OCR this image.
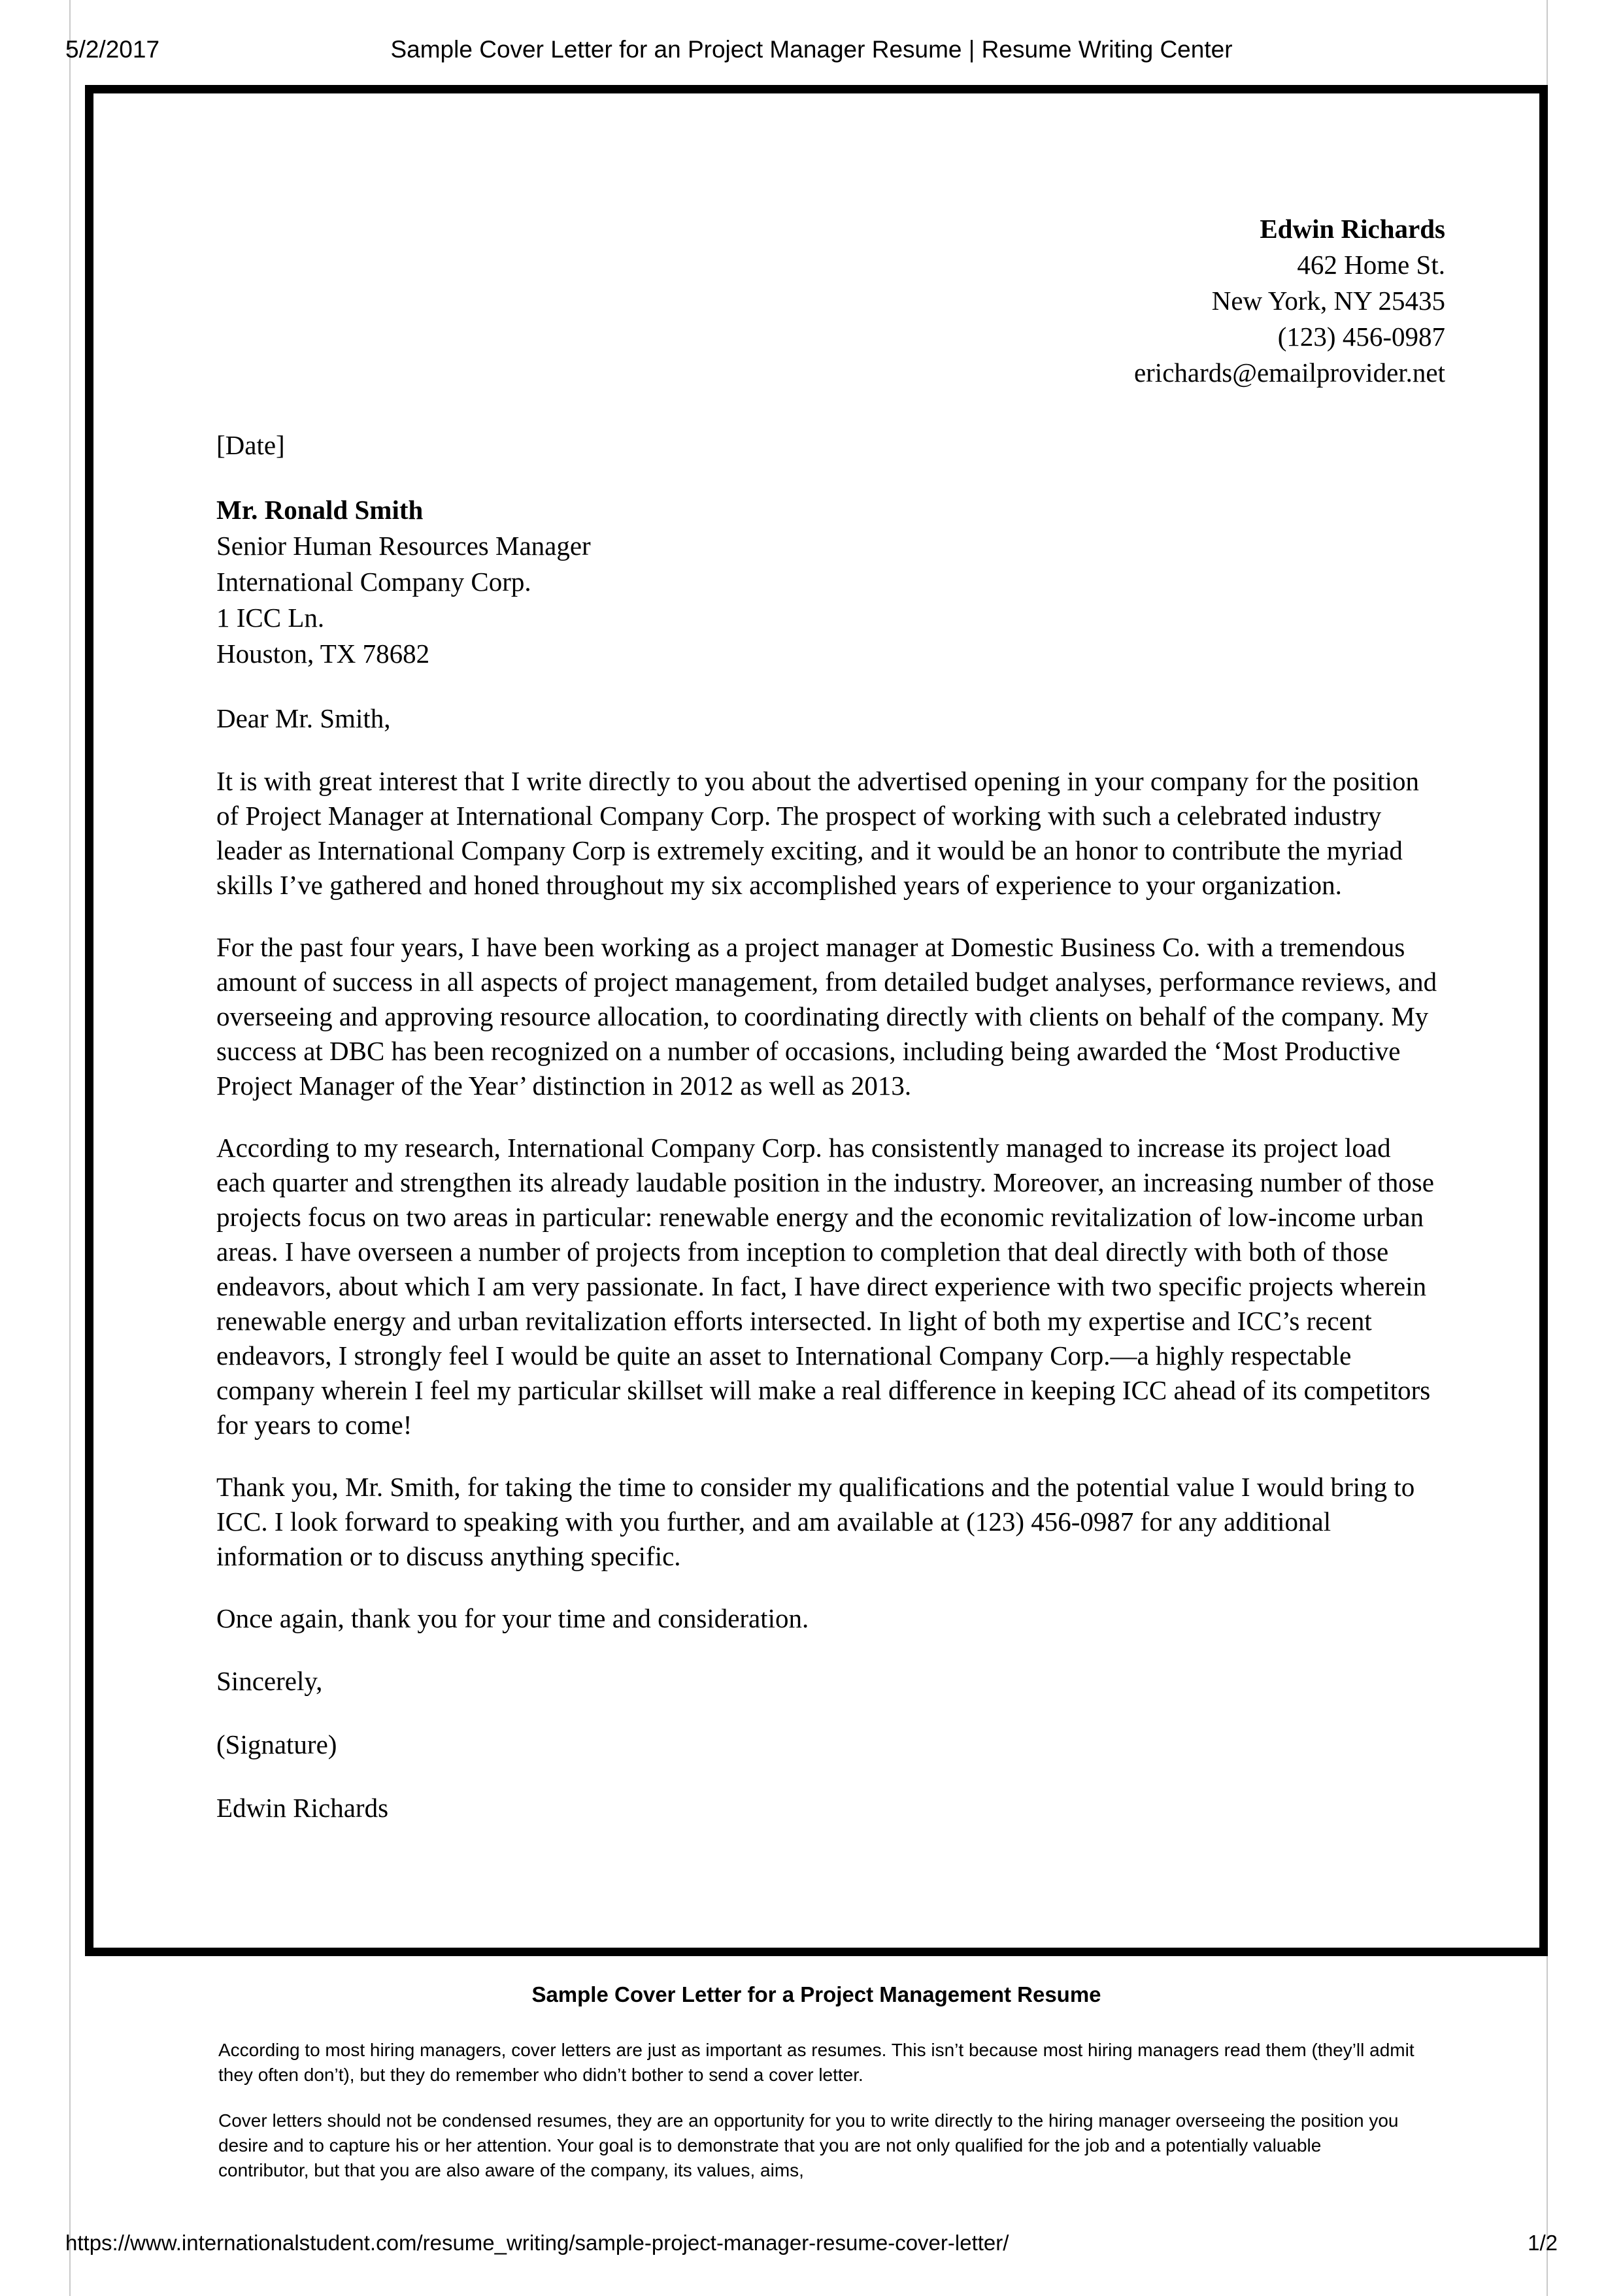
5/2/2017	Sample Cover Letter for an Project Manager Resume | Resume Writing Center
Edwin Richards
462 Home St.
New York, NY 25435
(123) 456-0987
erichards@emailprovider.net
[Date]
Mr. Ronald Smith
Senior Human Resources Manager
International Company Corp.
1 ICC Ln.
Houston, TX 78682
Dear Mr. Smith,
It is with great interest that I write directly to you about the advertised opening in your company for the position of Project Manager at International Company Corp. The prospect of working with such a celebrated industry leader as International Company Corp is extremely exciting, and it would be an honor to contribute the myriad skills I’ve gathered and honed throughout my six accomplished years of experience to your organization.
For the past four years, I have been working as a project manager at Domestic Business Co. with a tremendous amount of success in all aspects of project management, from detailed budget analyses, performance reviews, and overseeing and approving resource allocation, to coordinating directly with clients on behalf of the company. My success at DBC has been recognized on a number of occasions, including being awarded the ‘Most Productive Project Manager of the Year’ distinction in 2012 as well as 2013.
According to my research, International Company Corp. has consistently managed to increase its project load each quarter and strengthen its already laudable position in the industry. Moreover, an increasing number of those projects focus on two areas in particular: renewable energy and the economic revitalization of low-income urban areas. I have overseen a number of projects from inception to completion that deal directly with both of those endeavors, about which I am very passionate. In fact, I have direct experience with two specific projects wherein renewable energy and urban revitalization efforts intersected. In light of both my expertise and ICC’s recent endeavors, I strongly feel I would be quite an asset to International Company Corp.—a highly respectable company wherein I feel my particular skillset will make a real difference in keeping ICC ahead of its competitors for years to come!
Thank you, Mr. Smith, for taking the time to consider my qualifications and the potential value I would bring to ICC. I look forward to speaking with you further, and am available at (123) 456-0987 for any additional information or to discuss anything specific.
Once again, thank you for your time and consideration.
Sincerely,
(Signature)
Edwin Richards
Sample Cover Letter for a Project Management Resume
According to most hiring managers, cover letters are just as important as resumes. This isn’t because most hiring managers read them (they’ll admit they often don’t), but they do remember who didn’t bother to send a cover letter.
Cover letters should not be condensed resumes, they are an opportunity for you to write directly to the hiring manager overseeing the position you desire and to capture his or her attention. Your goal is to demonstrate that you are not only qualified for the job and a potentially valuable contributor, but that you are also aware of the company, its values, aims,
https://www.internationalstudent.com/resume_writing/sample-project-manager-resume-cover-letter/	1/2
